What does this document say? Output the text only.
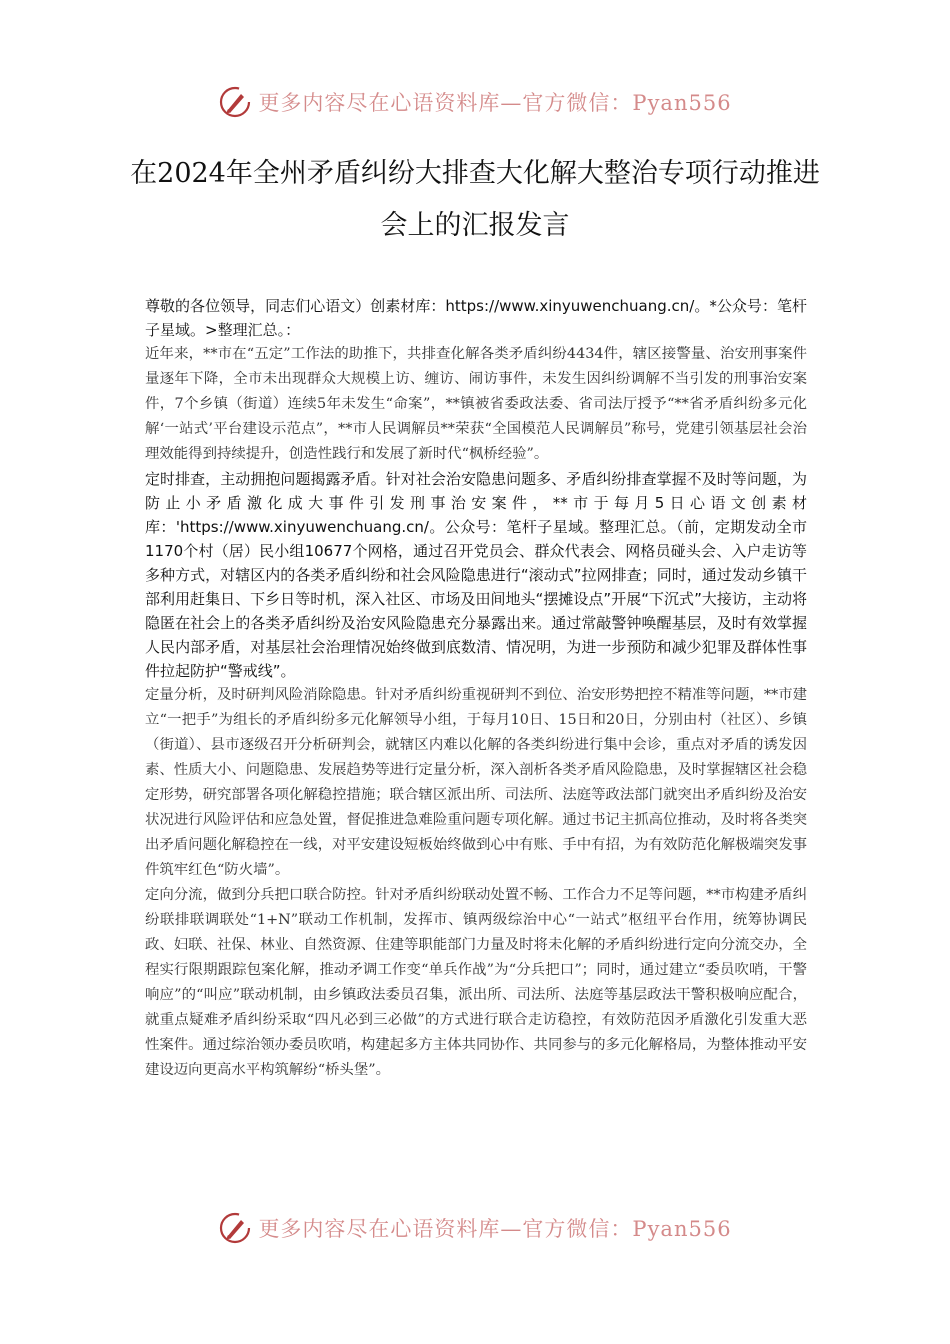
更多内容尽在心语资料库—官方微信：Pyan556
在2024年全州矛盾纠纷大排查大化解大整治专项行动推进会上的汇报发言

尊敬的各位领导，同志们心语文）创素材库：https://www.xinyuwenchuang.cn/。*公众号：笔杆子星域。>整理汇总。：

近年来，**市在“五定”工作法的助推下，共排查化解各类矛盾纠纷4434件，辖区接警量、治安刑事案件量逐年下降，全市未出现群众大规模上访、缠访、闹访事件，未发生因纠纷调解不当引发的刑事治安案件，7个乡镇（街道）连续5年未发生“命案”，**镇被省委政法委、省司法厅授予“**省矛盾纠纷多元化解‘一站式’平台建设示范点”，**市人民调解员**荣获“全国模范人民调解员”称号，党建引领基层社会治理效能得到持续提升，创造性践行和发展了新时代“枫桥经验”。

定时排查，主动拥抱问题揭露矛盾。针对社会治安隐患问题多、矛盾纠纷排查掌握不及时等问题，为防止小矛盾激化成大事件引发刑事治安案件，**市于每月5日心语文创素材库：'https://www.xinyuwenchuang.cn/。公众号：笔杆子星域。整理汇总。（前，定期发动全市1170个村（居）民小组10677个网格，通过召开党员会、群众代表会、网格员碰头会、入户走访等多种方式，对辖区内的各类矛盾纠纷和社会风险隐患进行“滚动式”拉网排查；同时，通过发动乡镇干部利用赶集日、下乡日等时机，深入社区、市场及田间地头“摆摊设点”开展“下沉式”大接访，主动将隐匿在社会上的各类矛盾纠纷及治安风险隐患充分暴露出来。通过常敲警钟唤醒基层，及时有效掌握人民内部矛盾，对基层社会治理情况始终做到底数清、情况明，为进一步预防和减少犯罪及群体性事件拉起防护“警戒线”。

定量分析，及时研判风险消除隐患。针对矛盾纠纷重视研判不到位、治安形势把控不精准等问题，**市建立“一把手”为组长的矛盾纠纷多元化解领导小组，于每月10日、15日和20日，分别由村（社区）、乡镇（街道）、县市逐级召开分析研判会，就辖区内难以化解的各类纠纷进行集中会诊，重点对矛盾的诱发因素、性质大小、问题隐患、发展趋势等进行定量分析，深入剖析各类矛盾风险隐患，及时掌握辖区社会稳定形势，研究部署各项化解稳控措施；联合辖区派出所、司法所、法庭等政法部门就突出矛盾纠纷及治安状况进行风险评估和应急处置，督促推进急难险重问题专项化解。通过书记主抓高位推动，及时将各类突出矛盾问题化解稳控在一线，对平安建设短板始终做到心中有账、手中有招，为有效防范化解极端突发事件筑牢红色“防火墙”。

定向分流，做到分兵把口联合防控。针对矛盾纠纷联动处置不畅、工作合力不足等问题，**市构建矛盾纠纷联排联调联处“1+N”联动工作机制，发挥市、镇两级综治中心“一站式”枢纽平台作用，统筹协调民政、妇联、社保、林业、自然资源、住建等职能部门力量及时将未化解的矛盾纠纷进行定向分流交办，全程实行限期跟踪包案化解，推动矛调工作变“单兵作战”为“分兵把口”；同时，通过建立“委员吹哨，干警响应”的“叫应”联动机制，由乡镇政法委员召集，派出所、司法所、法庭等基层政法干警积极响应配合，就重点疑难矛盾纠纷采取“四凡必到三必做”的方式进行联合走访稳控，有效防范因矛盾激化引发重大恶性案件。通过综治领办委员吹哨，构建起多方主体共同协作、共同参与的多元化解格局，为整体推动平安建设迈向更高水平构筑解纷“桥头堡”。

更多内容尽在心语资料库—官方微信：Pyan556
